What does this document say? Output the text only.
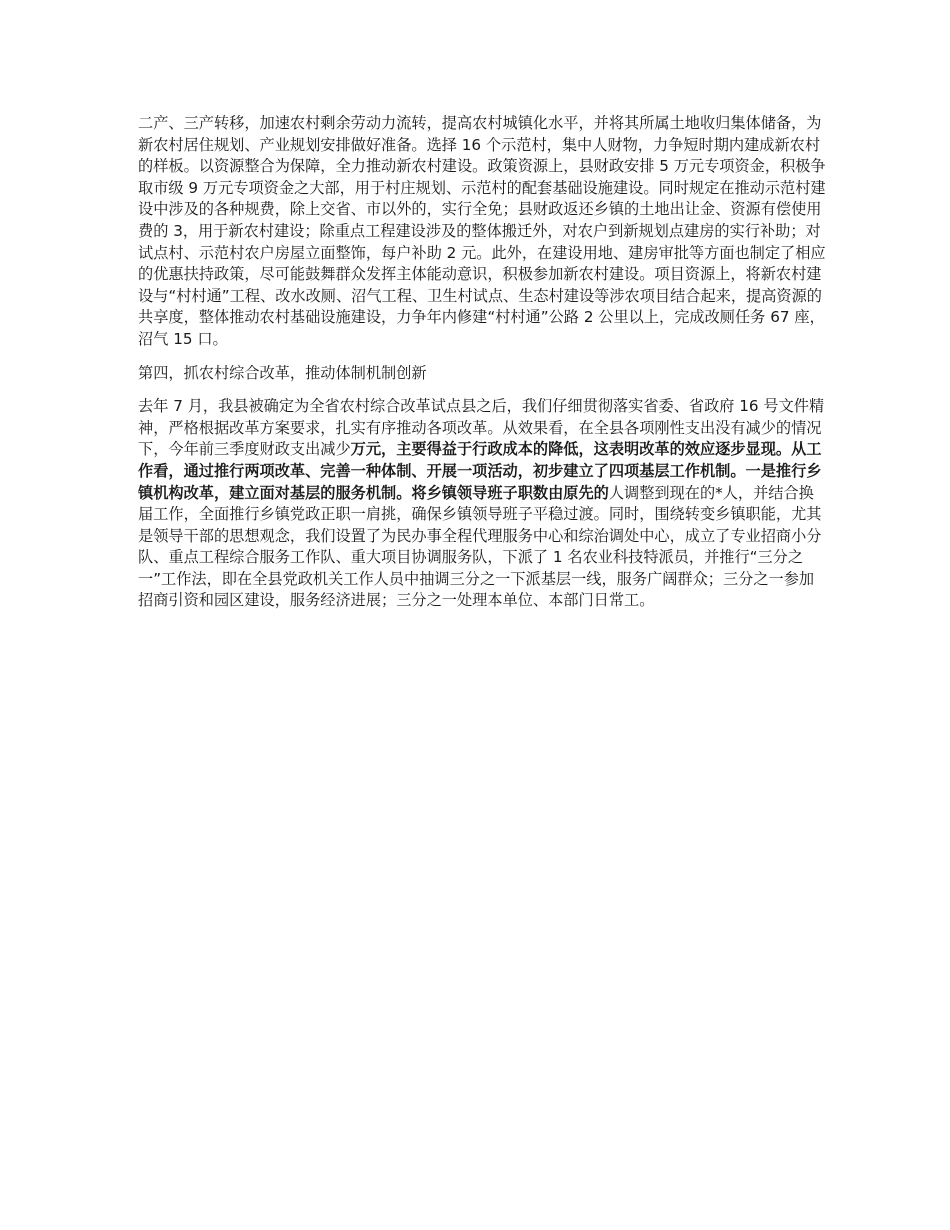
二产、三产转移，加速农村剩余劳动力流转，提高农村城镇化水平，并将其所属土地收归集体储备，为新农村居住规划、产业规划安排做好准备。选择 16 个示范村，集中人财物，力争短时期内建成新农村的样板。以资源整合为保障，全力推动新农村建设。政策资源上，县财政安排 5 万元专项资金，积极争取市级 9 万元专项资金之大部，用于村庄规划、示范村的配套基础设施建设。同时规定在推动示范村建设中涉及的各种规费，除上交省、市以外的，实行全免；县财政返还乡镇的土地出让金、资源有偿使用费的 3，用于新农村建设；除重点工程建设涉及的整体搬迁外，对农户到新规划点建房的实行补助；对试点村、示范村农户房屋立面整饰，每户补助 2 元。此外，在建设用地、建房审批等方面也制定了相应的优惠扶持政策，尽可能鼓舞群众发挥主体能动意识，积极参加新农村建设。项目资源上，将新农村建设与“村村通”工程、改水改厕、沼气工程、卫生村试点、生态村建设等涉农项目结合起来，提高资源的共享度，整体推动农村基础设施建设，力争年内修建“村村通”公路 2 公里以上，完成改厕任务 67 座，沼气 15 口。

第四，抓农村综合改革，推动体制机制创新

去年 7 月，我县被确定为全省农村综合改革试点县之后，我们仔细贯彻落实省委、省政府 16 号文件精神，严格根据改革方案要求，扎实有序推动各项改革。从效果看，在全县各项刚性支出没有减少的情况下，今年前三季度财政支出减少万元，主要得益于行政成本的降低，这表明改革的效应逐步显现。从工作看，通过推行两项改革、完善一种体制、开展一项活动，初步建立了四项基层工作机制。一是推行乡镇机构改革，建立面对基层的服务机制。将乡镇领导班子职数由原先的人调整到现在的*人，并结合换届工作，全面推行乡镇党政正职一肩挑，确保乡镇领导班子平稳过渡。同时，围绕转变乡镇职能，尤其是领导干部的思想观念，我们设置了为民办事全程代理服务中心和综治调处中心，成立了专业招商小分队、重点工程综合服务工作队、重大项目协调服务队，下派了 1 名农业科技特派员，并推行“三分之一”工作法，即在全县党政机关工作人员中抽调三分之一下派基层一线，服务广阔群众；三分之一参加招商引资和园区建设，服务经济进展；三分之一处理本单位、本部门日常工。
